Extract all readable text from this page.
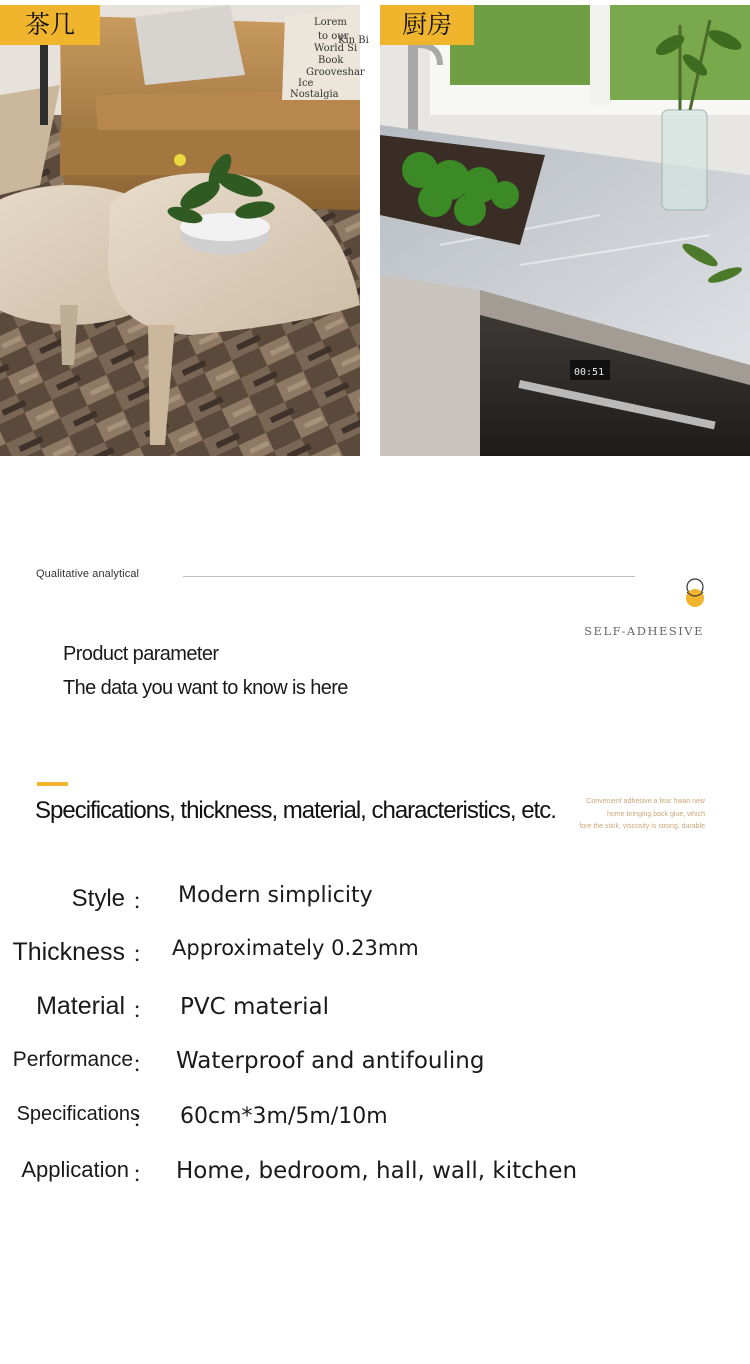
Lorem
to our
World Si
Book
Grooveshar
Ice
Nostalgia
Kin Bi
茶几
00:51
厨房
Qualitative analytical
SELF-ADHESIVE
Product parameter
The data you want to know is here
Specifications, thickness, material, characteristics, etc.	Convenient adhesive a fear hwan new
home bringing back glue, which
fore the stick, viscosity is strong, durable
Style ： Modern simplicity
Thickness ： Approximately 0.23mm
Material ： PVC material
Performance ： Waterproof and antifouling
Specifications
： 60cm*3m/5m/10m
Application ： Home, bedroom, hall, wall, kitchen
